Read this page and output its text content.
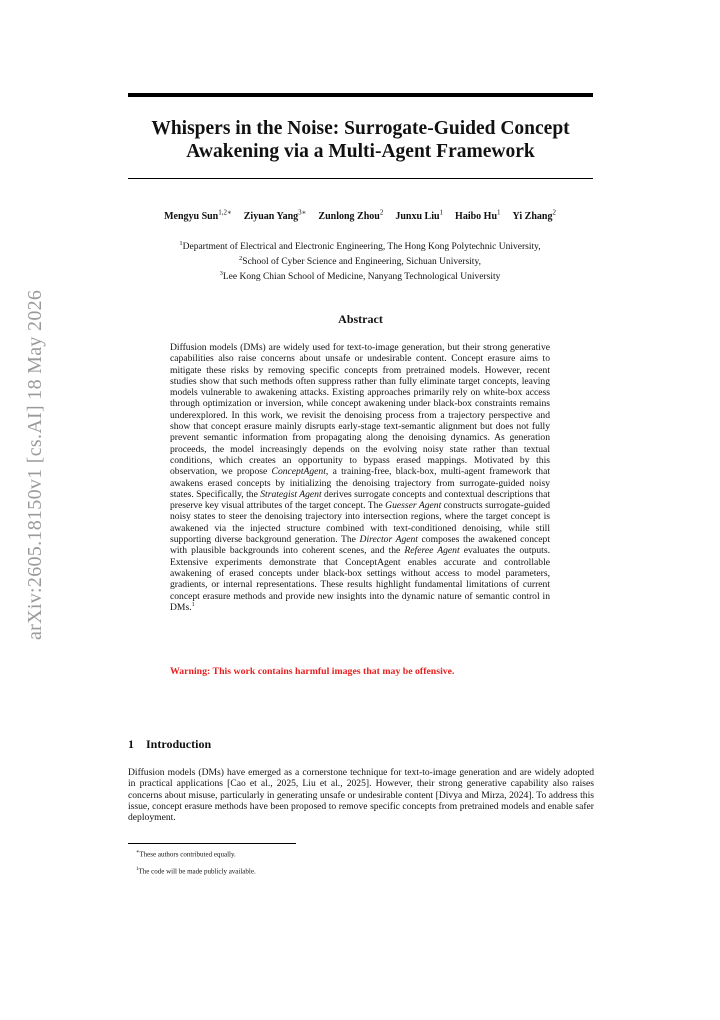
arXiv:2605.18150v1 [cs.AI] 18 May 2026
Whispers in the Noise: Surrogate-Guided Concept
Awakening via a Multi-Agent Framework
Mengyu Sun$^{1,2∗}$ Ziyuan Yang$^{3∗}$ Zunlong Zhou$^2$ Junxu Liu$^1$ Haibo Hu$^1$ Yi Zhang$^2$
$^1$Department of Electrical and Electronic Engineering, The Hong Kong Polytechnic University,
$^2$School of Cyber Science and Engineering, Sichuan University,
$^3$Lee Kong Chian School of Medicine, Nanyang Technological University
Abstract
Diffusion models (DMs) are widely used for text-to-image generation, but their strong generative capabilities also raise concerns about unsafe or undesirable content. Concept erasure aims to mitigate these risks by removing specific concepts from pretrained models. However, recent studies show that such methods often suppress rather than fully eliminate target concepts, leaving models vulnerable to awakening attacks. Existing approaches primarily rely on white-box access through optimization or inversion, while concept awakening under black-box constraints remains underexplored. In this work, we revisit the denoising process from a trajectory perspective and show that concept erasure mainly disrupts early-stage text-semantic alignment but does not fully prevent semantic information from propagating along the denoising dynamics. As generation proceeds, the model increasingly depends on the evolving noisy state rather than textual conditions, which creates an opportunity to bypass erased mappings. Motivated by this observation, we propose ConceptAgent, a training-free, black-box, multi-agent framework that awakens erased concepts by initializing the denoising trajectory from surrogate-guided noisy states. Specifically, the Strategist Agent derives surrogate concepts and contextual descriptions that preserve key visual attributes of the target concept. The Guesser Agent constructs surrogate-guided noisy states to steer the denoising trajectory into intersection regions, where the target concept is awakened via the injected structure combined with text-conditioned denoising, while still supporting diverse background generation. The Director Agent composes the awakened concept with plausible backgrounds into coherent scenes, and the Referee Agent evaluates the outputs. Extensive experiments demonstrate that ConceptAgent enables accurate and controllable awakening of erased concepts under black-box settings without access to model parameters, gradients, or internal representations. These results highlight fundamental limitations of current concept erasure methods and provide new insights into the dynamic nature of semantic control in DMs.$^1$
Warning: This work contains harmful images that may be offensive.
1 Introduction
Diffusion models (DMs) have emerged as a cornerstone technique for text-to-image generation and are widely adopted in practical applications [Cao et al., 2025, Liu et al., 2025]. However, their strong generative capability also raises concerns about misuse, particularly in generating unsafe or undesirable content [Divya and Mirza, 2024]. To address this issue, concept erasure methods have been proposed to remove specific concepts from pretrained models and enable safer deployment.
∗These authors contributed equally.
$^1$The code will be made publicly available.
